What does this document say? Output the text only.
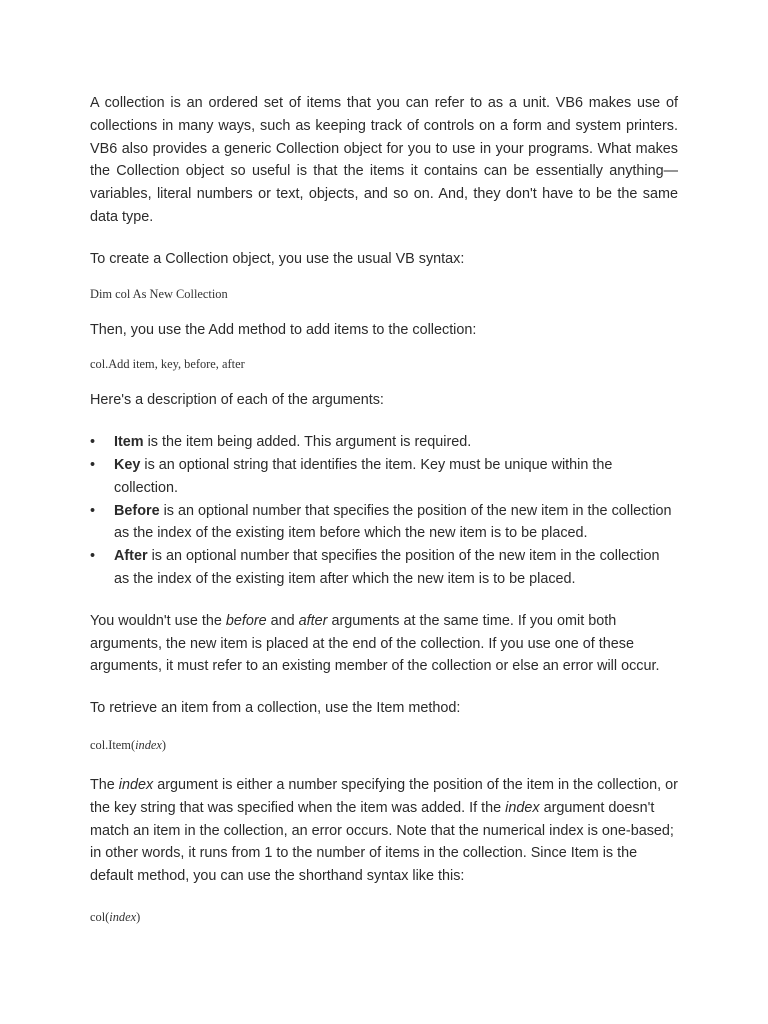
A collection is an ordered set of items that you can refer to as a unit. VB6 makes use of collections in many ways, such as keeping track of controls on a form and system printers. VB6 also provides a generic Collection object for you to use in your programs. What makes the Collection object so useful is that the items it contains can be essentially anything—variables, literal numbers or text, objects, and so on. And, they don't have to be the same data type.

To create a Collection object, you use the usual VB syntax:

Dim col As New Collection

Then, you use the Add method to add items to the collection:

col.Add item, key, before, after

Here's a description of each of the arguments:

• Item is the item being added. This argument is required.
• Key is an optional string that identifies the item. Key must be unique within the collection.
• Before is an optional number that specifies the position of the new item in the collection as the index of the existing item before which the new item is to be placed.
• After is an optional number that specifies the position of the new item in the collection as the index of the existing item after which the new item is to be placed.

You wouldn't use the before and after arguments at the same time. If you omit both arguments, the new item is placed at the end of the collection. If you use one of these arguments, it must refer to an existing member of the collection or else an error will occur.

To retrieve an item from a collection, use the Item method:

col.Item(index)

The index argument is either a number specifying the position of the item in the collection, or the key string that was specified when the item was added. If the index argument doesn't match an item in the collection, an error occurs. Note that the numerical index is one-based; in other words, it runs from 1 to the number of items in the collection. Since Item is the default method, you can use the shorthand syntax like this:

col(index)
